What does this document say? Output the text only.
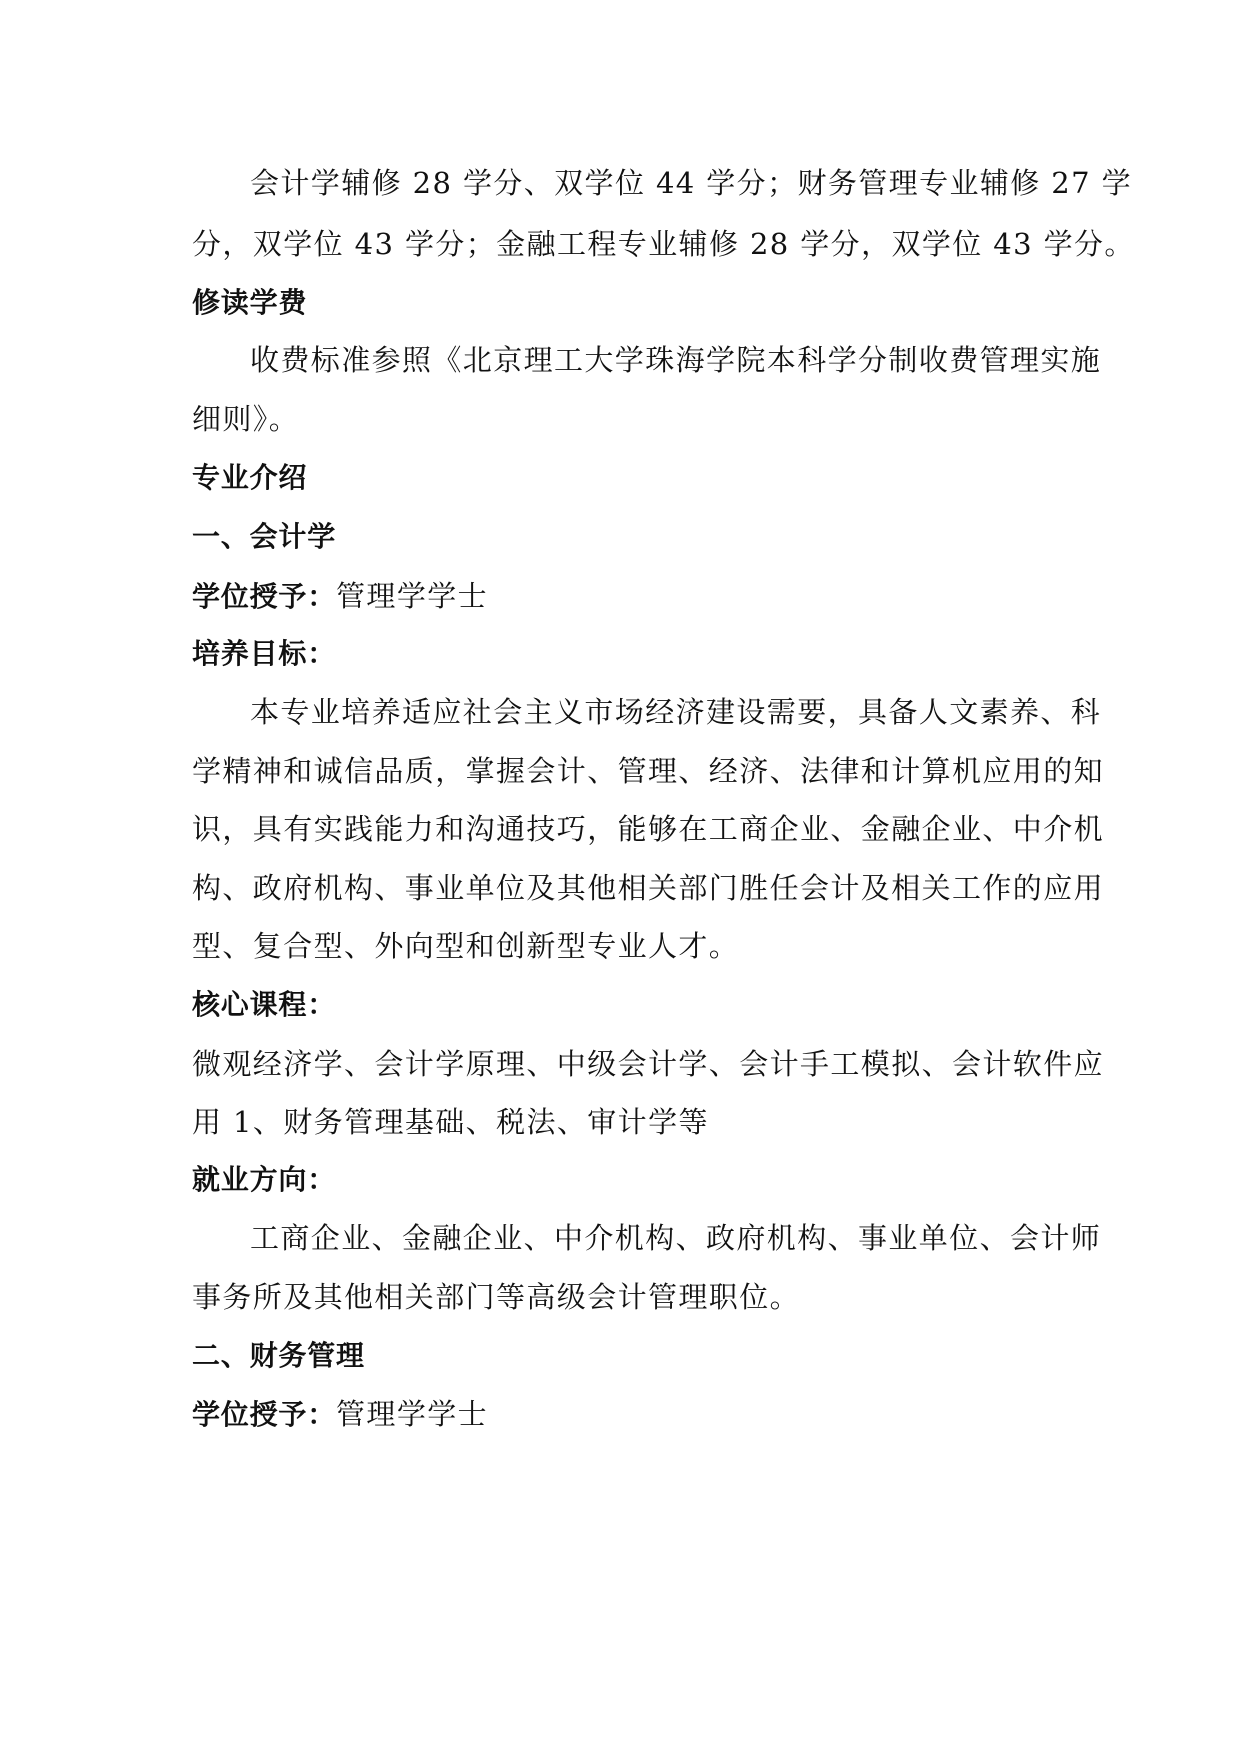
会计学辅修 28 学分、双学位 44 学分；财务管理专业辅修 27 学
分，双学位 43 学分；金融工程专业辅修 28 学分，双学位 43 学分。
修读学费
收费标准参照《北京理工大学珠海学院本科学分制收费管理实施
细则》。
专业介绍
一、会计学
学位授予：管理学学士
培养目标：
本专业培养适应社会主义市场经济建设需要，具备人文素养、科
学精神和诚信品质，掌握会计、管理、经济、法律和计算机应用的知
识，具有实践能力和沟通技巧，能够在工商企业、金融企业、中介机
构、政府机构、事业单位及其他相关部门胜任会计及相关工作的应用
型、复合型、外向型和创新型专业人才。
核心课程：
微观经济学、会计学原理、中级会计学、会计手工模拟、会计软件应
用 1、财务管理基础、税法、审计学等
就业方向：
工商企业、金融企业、中介机构、政府机构、事业单位、会计师
事务所及其他相关部门等高级会计管理职位。
二、财务管理
学位授予：管理学学士
